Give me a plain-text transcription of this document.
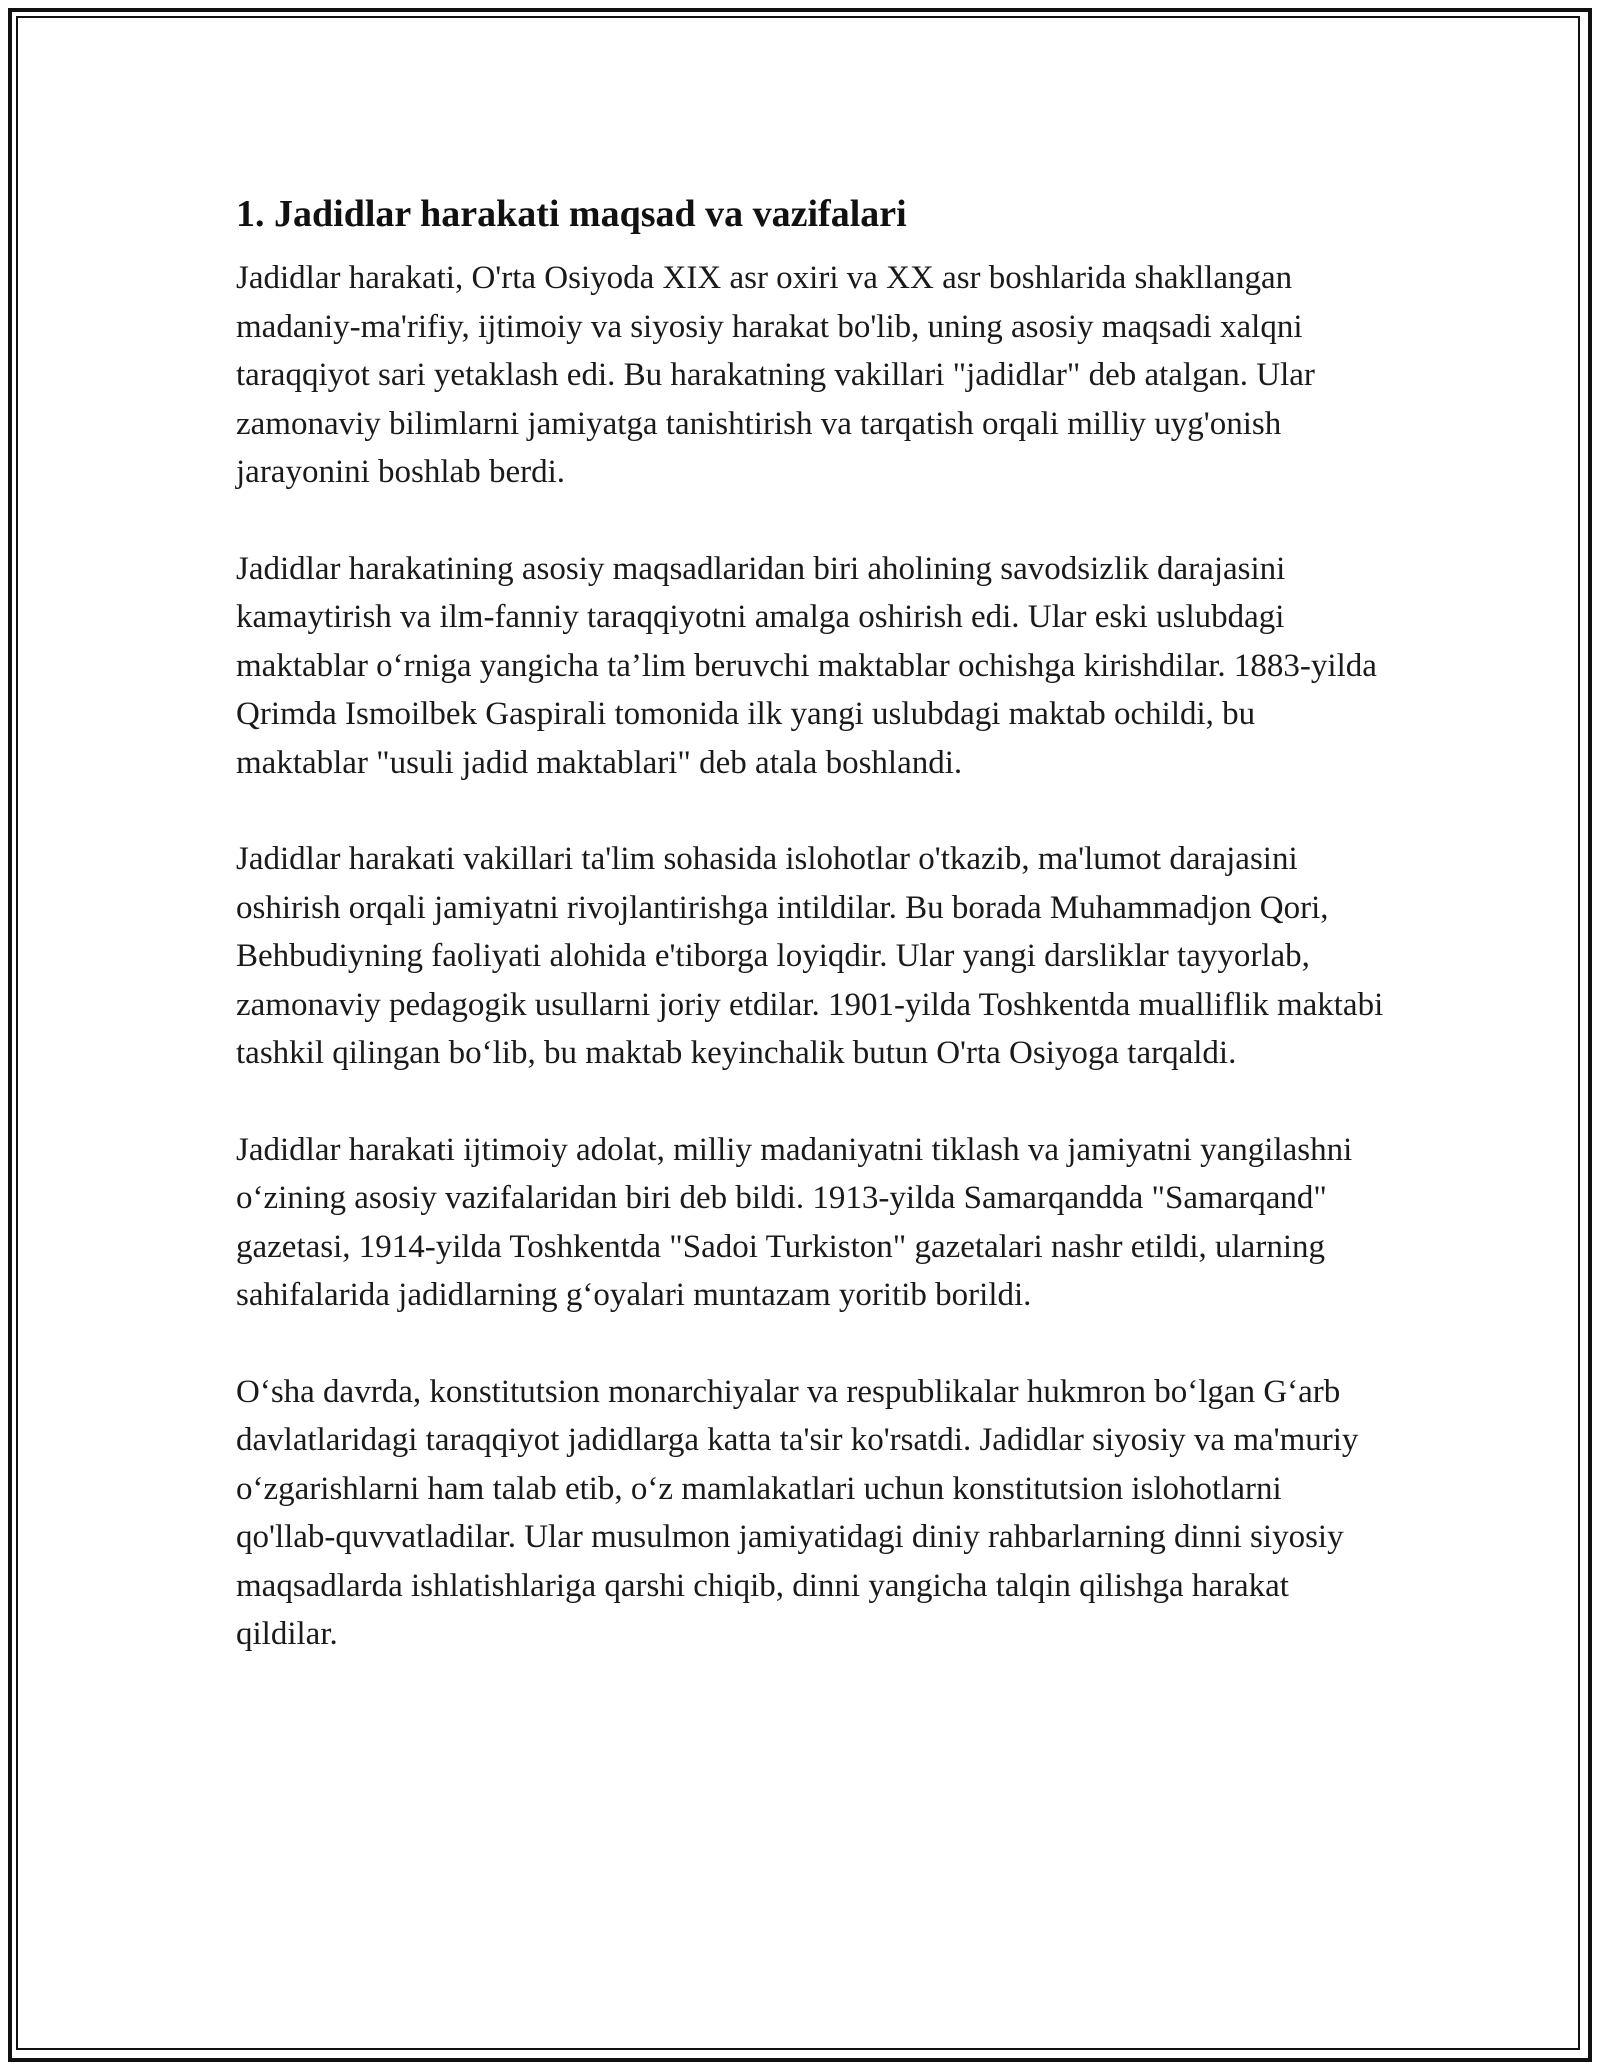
1. Jadidlar harakati maqsad va vazifalari

Jadidlar harakati, O'rta Osiyoda XIX asr oxiri va XX asr boshlarida shakllangan madaniy-ma'rifiy, ijtimoiy va siyosiy harakat bo'lib, uning asosiy maqsadi xalqni taraqqiyot sari yetaklash edi. Bu harakatning vakillari "jadidlar" deb atalgan. Ular zamonaviy bilimlarni jamiyatga tanishtirish va tarqatish orqali milliy uyg'onish jarayonini boshlab berdi.

Jadidlar harakatining asosiy maqsadlaridan biri aholining savodsizlik darajasini kamaytirish va ilm-fanniy taraqqiyotni amalga oshirish edi. Ular eski uslubdagi maktablar o‘rniga yangicha ta’lim beruvchi maktablar ochishga kirishdilar. 1883-yilda Qrimda Ismoilbek Gaspirali tomonida ilk yangi uslubdagi maktab ochildi, bu maktablar "usuli jadid maktablari" deb atala boshlandi.

Jadidlar harakati vakillari ta'lim sohasida islohotlar o'tkazib, ma'lumot darajasini oshirish orqali jamiyatni rivojlantirishga intildilar. Bu borada Muhammadjon Qori, Behbudiyning faoliyati alohida e'tiborga loyiqdir. Ular yangi darsliklar tayyorlab, zamonaviy pedagogik usullarni joriy etdilar. 1901-yilda Toshkentda mualliflik maktabi tashkil qilingan bo‘lib, bu maktab keyinchalik butun O'rta Osiyoga tarqaldi.

Jadidlar harakati ijtimoiy adolat, milliy madaniyatni tiklash va jamiyatni yangilashni o‘zining asosiy vazifalaridan biri deb bildi. 1913-yilda Samarqandda "Samarqand" gazetasi, 1914-yilda Toshkentda "Sadoi Turkiston" gazetalari nashr etildi, ularning sahifalarida jadidlarning g‘oyalari muntazam yoritib borildi.

O‘sha davrda, konstitutsion monarchiyalar va respublikalar hukmron bo‘lgan G‘arb davlatlaridagi taraqqiyot jadidlarga katta ta'sir ko'rsatdi. Jadidlar siyosiy va ma'muriy o‘zgarishlarni ham talab etib, o‘z mamlakatlari uchun konstitutsion islohotlarni qo'llab-quvvatladilar. Ular musulmon jamiyatidagi diniy rahbarlarning dinni siyosiy maqsadlarda ishlatishlariga qarshi chiqib, dinni yangicha talqin qilishga harakat qildilar.
